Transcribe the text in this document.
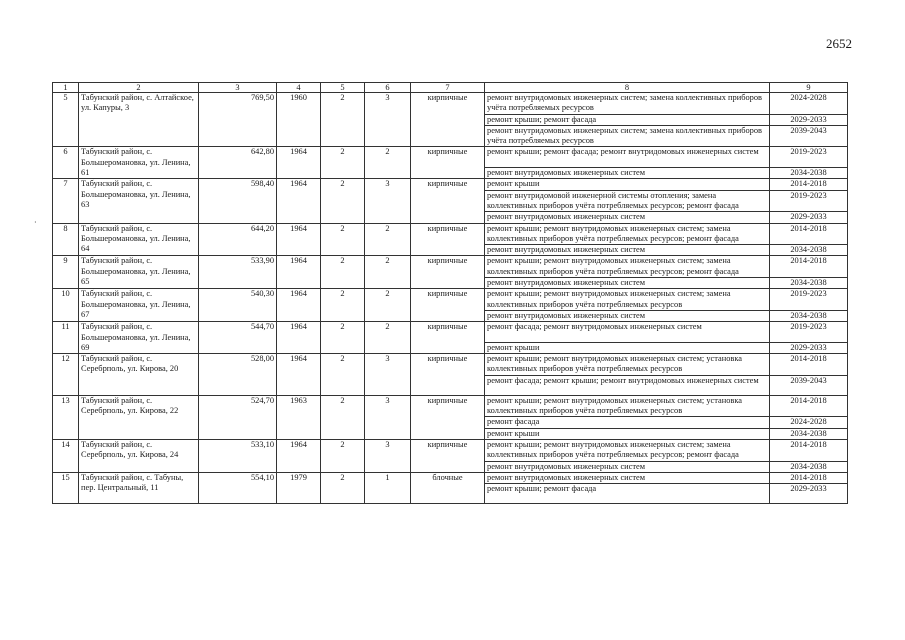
2652
·
1	2	3	4	5	6	7	8	9
5	Табунский район, с. Алтайское, ул. Капуры, 3	769,50	1960	2	3	кирпичные	ремонт внутридомовых инженерных систем; замена коллективных приборов учёта потребляемых ресурсов	2024-2028
							ремонт крыши; ремонт фасада	2029-2033
							ремонт внутридомовых инженерных систем; замена коллективных приборов учёта потребляемых ресурсов	2039-2043
6	Табунский район, с. Большеромановка, ул. Ленина, 61	642,80	1964	2	2	кирпичные	ремонт крыши; ремонт фасада; ремонт внутридомовых инженерных систем	2019-2023
							ремонт внутридомовых инженерных систем	2034-2038
7	Табунский район, с. Большеромановка, ул. Ленина, 63	598,40	1964	2	3	кирпичные	ремонт крыши	2014-2018
							ремонт внутридомовой инженерной системы отопления; замена коллективных приборов учёта потребляемых ресурсов; ремонт фасада	2019-2023
							ремонт внутридомовых инженерных систем	2029-2033
8	Табунский район, с. Большеромановка, ул. Ленина, 64	644,20	1964	2	2	кирпичные	ремонт крыши; ремонт внутридомовых инженерных систем; замена коллективных приборов учёта потребляемых ресурсов; ремонт фасада	2014-2018
							ремонт внутридомовых инженерных систем	2034-2038
9	Табунский район, с. Большеромановка, ул. Ленина, 65	533,90	1964	2	2	кирпичные	ремонт крыши; ремонт внутридомовых инженерных систем; замена коллективных приборов учёта потребляемых ресурсов; ремонт фасада	2014-2018
							ремонт внутридомовых инженерных систем	2034-2038
10	Табунский район, с. Большеромановка, ул. Ленина, 67	540,30	1964	2	2	кирпичные	ремонт крыши; ремонт внутридомовых инженерных систем; замена коллективных приборов учёта потребляемых ресурсов	2019-2023
							ремонт внутридомовых инженерных систем	2034-2038
11	Табунский район, с. Большеромановка, ул. Ленина, 69	544,70	1964	2	2	кирпичные	ремонт фасада; ремонт внутридомовых инженерных систем	2019-2023
							ремонт крыши	2029-2033
12	Табунский район, с. Серебрполь, ул. Кирова, 20	528,00	1964	2	3	кирпичные	ремонт крыши; ремонт внутридомовых инженерных систем; установка коллективных приборов учёта потребляемых ресурсов	2014-2018
							ремонт фасада; ремонт крыши; ремонт внутридомовых инженерных систем	2039-2043
13	Табунский район, с. Серебрполь, ул. Кирова, 22	524,70	1963	2	3	кирпичные	ремонт крыши; ремонт внутридомовых инженерных систем; установка коллективных приборов учёта потребляемых ресурсов	2014-2018
							ремонт фасада	2024-2028
							ремонт крыши	2034-2038
14	Табунский район, с. Серебрполь, ул. Кирова, 24	533,10	1964	2	3	кирпичные	ремонт крыши; ремонт внутридомовых инженерных систем; замена коллективных приборов учёта потребляемых ресурсов; ремонт фасада	2014-2018
							ремонт внутридомовых инженерных систем	2034-2038
15	Табунский район, с. Табуны, пер. Центральный, 11	554,10	1979	2	1	блочные	ремонт внутридомовых инженерных систем	2014-2018
							ремонт крыши; ремонт фасада	2029-2033
